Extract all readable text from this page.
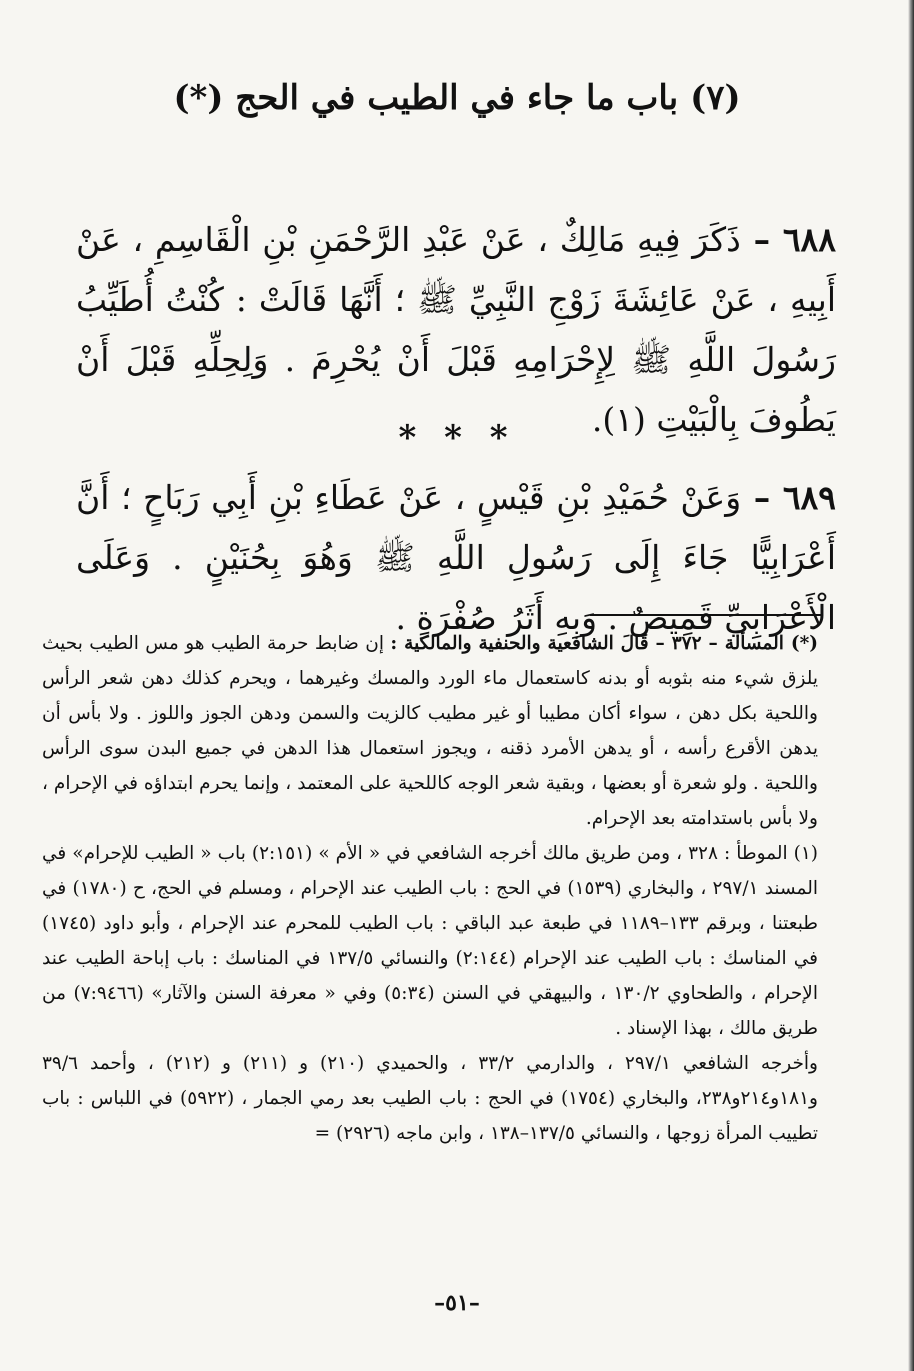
(٧) باب ما جاء في الطيب في الحج (*)
٦٨٨ – ذَكَرَ فِيهِ مَالِكٌ ، عَنْ عَبْدِ الرَّحْمَنِ بْنِ الْقَاسِمِ ، عَنْ أَبِيهِ ، عَنْ عَائِشَةَ زَوْجِ النَّبِيِّ ﷺ ؛ أَنَّهَا قَالَتْ : كُنْتُ أُطَيِّبُ رَسُولَ اللَّهِ ﷺ لِإِحْرَامِهِ قَبْلَ أَنْ يُحْرِمَ . وَلِحِلِّهِ قَبْلَ أَنْ يَطُوفَ بِالْبَيْتِ (١).
* * *
٦٨٩ – وَعَنْ حُمَيْدِ بْنِ قَيْسٍ ، عَنْ عَطَاءِ بْنِ أَبِي رَبَاحٍ ؛ أَنَّ أَعْرَابِيًّا جَاءَ إِلَى رَسُولِ اللَّهِ ﷺ وَهُوَ بِحُنَيْنٍ . وَعَلَى الْأَعْرَابِيِّ قَمِيصٌ . وَبِهِ أَثَرُ صُفْرَةٍ .

(*) المسألة – ٣٧٢ – قَالَ الشافعية والحنفية والمالكية : إن ضابط حرمة الطيب هو مس الطيب بحيث يلزق شيء منه بثوبه أو بدنه كاستعمال ماء الورد والمسك وغيرهما ، ويحرم كذلك دهن شعر الرأس واللحية بكل دهن ، سواء أكان مطيبا أو غير مطيب كالزيت والسمن ودهن الجوز واللوز . ولا بأس أن يدهن الأقرع رأسه ، أو يدهن الأمرد ذقنه ، ويجوز استعمال هذا الدهن في جميع البدن سوى الرأس واللحية . ولو شعرة أو بعضها ، وبقية شعر الوجه كاللحية على المعتمد ، وإنما يحرم ابتداؤه في الإحرام ، ولا بأس باستدامته بعد الإحرام.

(١) الموطأ : ٣٢٨ ، ومن طريق مالك أخرجه الشافعي في « الأم » (٢:١٥١) باب « الطيب للإحرام» في المسند ٢٩٧/١ ، والبخاري (١٥٣٩) في الحج : باب الطيب عند الإحرام ، ومسلم في الحج، ح (١٧٨٠) في طبعتنا ، وبرقم ١٣٣–١١٨٩ في طبعة عبد الباقي : باب الطيب للمحرم عند الإحرام ، وأبو داود (١٧٤٥) في المناسك : باب الطيب عند الإحرام (٢:١٤٤) والنسائي ١٣٧/٥ في المناسك : باب إباحة الطيب عند الإحرام ، والطحاوي ١٣٠/٢ ، والبيهقي في السنن (٥:٣٤) وفي « معرفة السنن والآثار» (٧:٩٤٦٦) من طريق مالك ، بهذا الإسناد .

وأخرجه الشافعي ٢٩٧/١ ، والدارمي ٣٣/٢ ، والحميدي (٢١٠) و (٢١١) و (٢١٢) ، وأحمد ٣٩/٦ و١٨١و٢١٤و٢٣٨، والبخاري (١٧٥٤) في الحج : باب الطيب بعد رمي الجمار ، (٥٩٢٢) في اللباس : باب تطييب المرأة زوجها ، والنسائي ١٣٧/٥–١٣٨ ، وابن ماجه (٢٩٢٦) =

–٥١–
